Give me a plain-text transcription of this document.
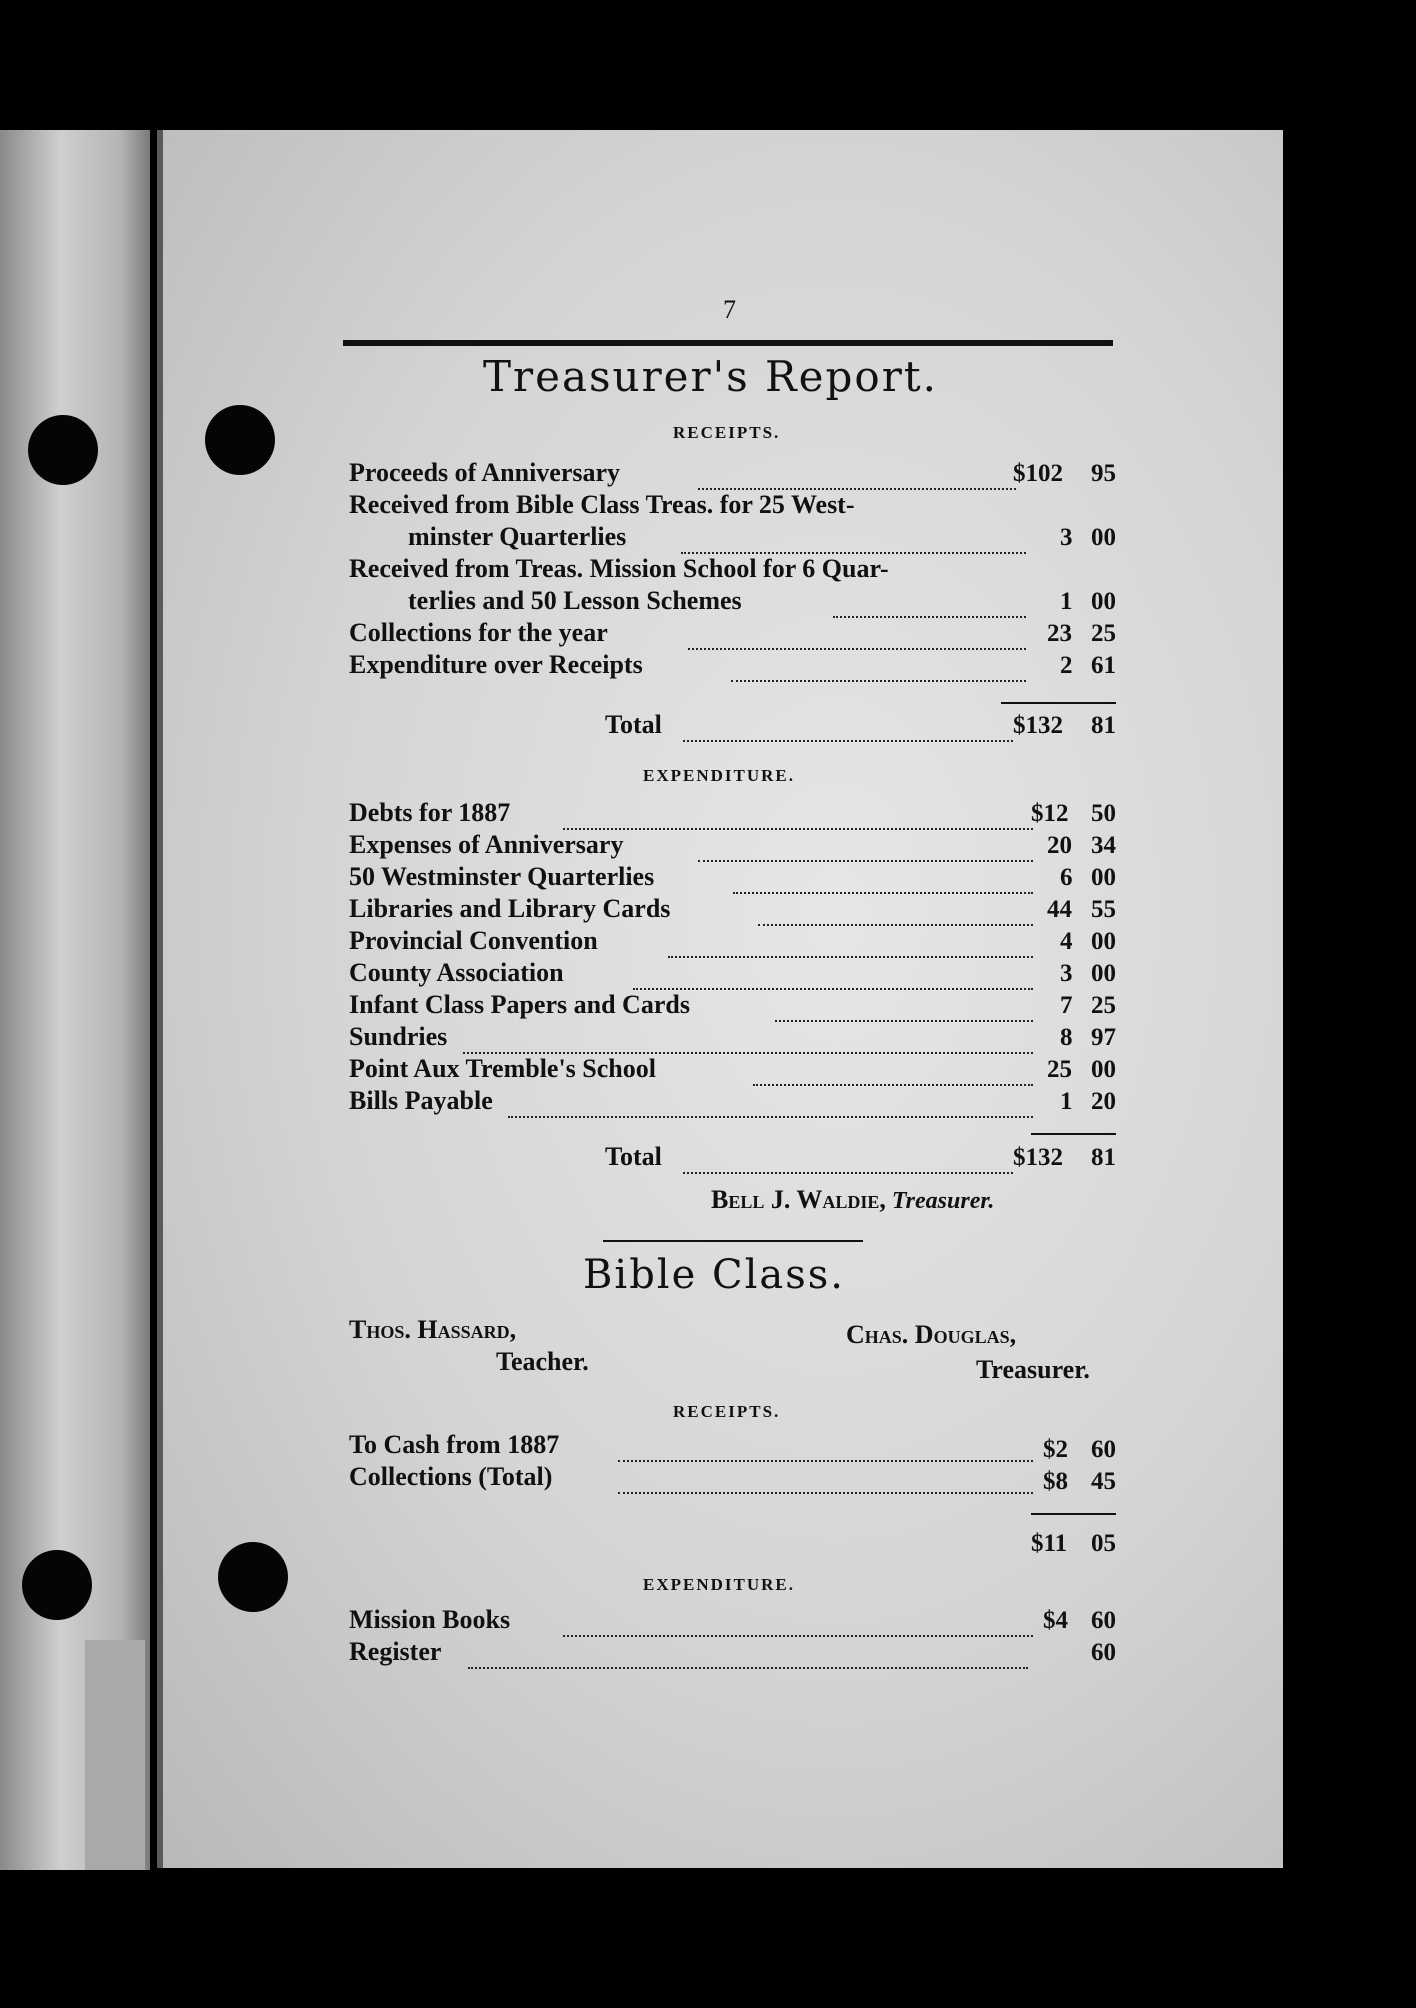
7
Treasurer's Report.
RECEIPTS.
Proceeds of Anniversary	$102 95
Received from Bible Class Treas. for 25 West-
minster Quarterlies	3 00
Received from Treas. Mission School for 6 Quar-
terlies and 50 Lesson Schemes	1 00
Collections for the year	23 25
Expenditure over Receipts	2 61
Total	$132 81
EXPENDITURE.
Debts for 1887	$12 50
Expenses of Anniversary	20 34
50 Westminster Quarterlies	6 00
Libraries and Library Cards	44 55
Provincial Convention	4 00
County Association	3 00
Infant Class Papers and Cards	7 25
Sundries	8 97
Point Aux Tremble's School	25 00
Bills Payable	1 20
Total	$132 81
Bell J. Waldie, Treasurer.
Bible Class.
Thos. Hassard,
Teacher.
Chas. Douglas,
Treasurer.
RECEIPTS.
To Cash from 1887	$2 60
Collections (Total)	$8 45
$11 05
EXPENDITURE.
Mission Books	$4 60
Register	60
